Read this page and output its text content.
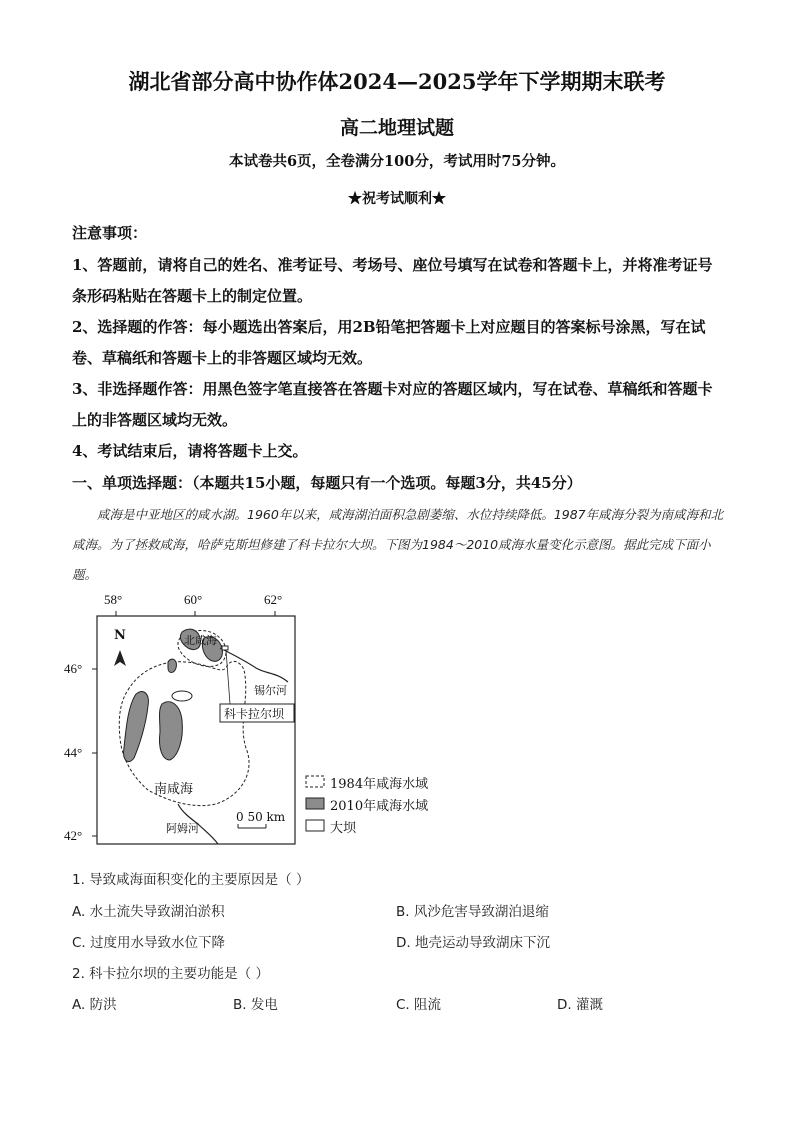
湖北省部分高中协作体2024—2025学年下学期期末联考
高二地理试题
本试卷共6页，全卷满分100分，考试用时75分钟。
★祝考试顺利★
注意事项：
1、答题前，请将自己的姓名、准考证号、考场号、座位号填写在试卷和答题卡上，并将准考证号条形码粘贴在答题卡上的制定位置。
2、选择题的作答：每小题选出答案后，用2B铅笔把答题卡上对应题目的答案标号涂黑，写在试卷、草稿纸和答题卡上的非答题区域均无效。
3、非选择题作答：用黑色签字笔直接答在答题卡对应的答题区域内，写在试卷、草稿纸和答题卡上的非答题区域均无效。
4、考试结束后，请将答题卡上交。
一、单项选择题：（本题共15小题，每题只有一个选项。每题3分，共45分）
咸海是中亚地区的咸水湖。1960年以来，咸海湖泊面积急剧萎缩、水位持续降低。1987年咸海分裂为南咸海和北咸海。为了拯救咸海，哈萨克斯坦修建了科卡拉尔大坝。下图为1984～2010咸海水量变化示意图。据此完成下面小题。
58°	60°	62°
46°
44°
42°
N	北咸海
南咸海
科卡拉尔坝
锡尔河
阿姆河
0 50 km
1984年咸海水域
2010年咸海水域
大坝
1. 导致咸海面积变化的主要原因是（ ）
A. 水土流失导致湖泊淤积	B. 风沙危害导致湖泊退缩
C. 过度用水导致水位下降	D. 地壳运动导致湖床下沉
2. 科卡拉尔坝的主要功能是（ ）
A. 防洪	B. 发电	C. 阻流	D. 灌溉
